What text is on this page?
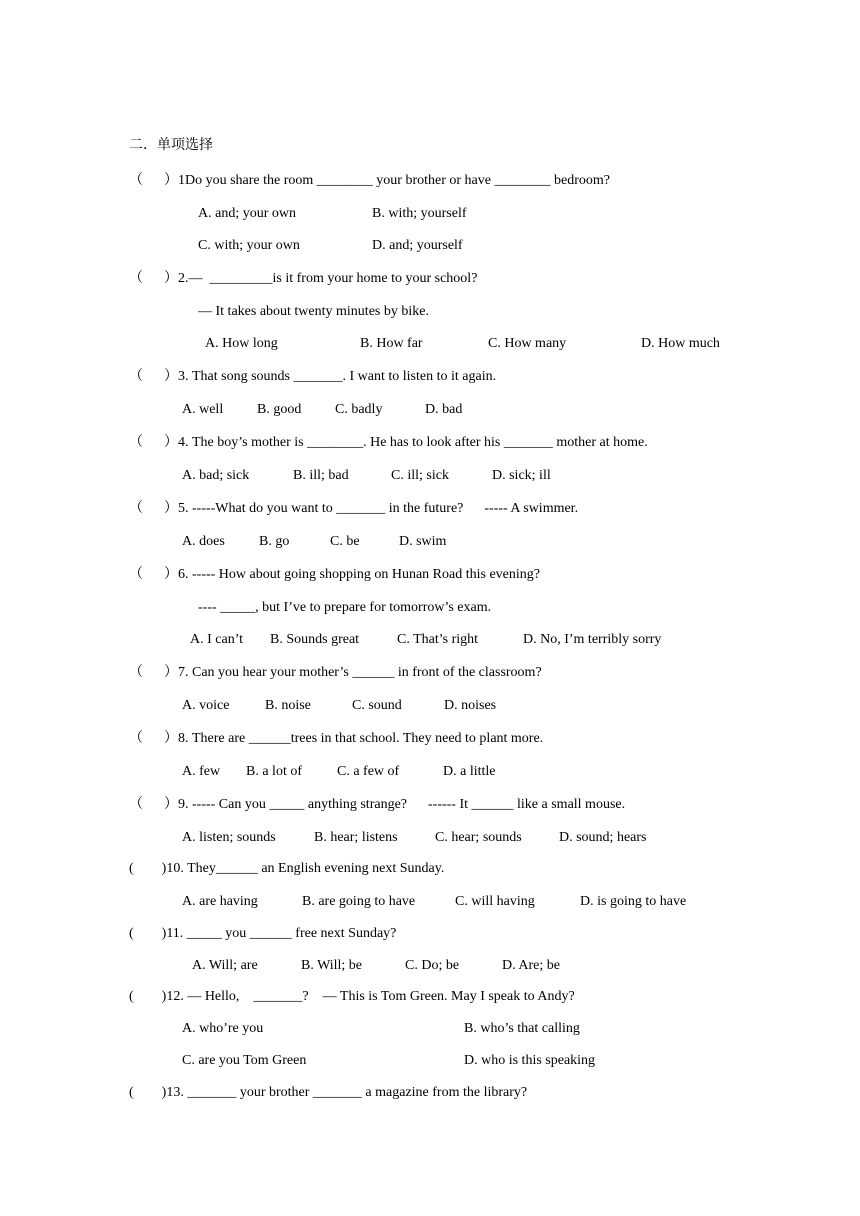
二．单项选择
（　  ）1Do you share the room ________ your brother or have ________ bedroom?
A. and; your own	B. with; yourself
C. with; your own	D. and; yourself
（　  ）2.—  _________is it from your home to your school?
— It takes about twenty minutes by bike.
A. How long	B. How far	C. How many	D. How much
（　  ）3. That song sounds _______. I want to listen to it again.
A. well B. good C. badly	D. bad
（　  ）4. The boy’s mother is ________. He has to look after his _______ mother at home.
A. bad; sick	B. ill; bad	C. ill; sick	D. sick; ill
（　  ）5. -----What do you want to _______ in the future?      ----- A swimmer.
A. does B. go	C. be	D. swim
（　  ）6. ----- How about going shopping on Hunan Road this evening?
---- _____, but I’ve to prepare for tomorrow’s exam.
A. I can’t B. Sounds great	C. That’s right	D. No, I’m terribly sorry
（　  ）7. Can you hear your mother’s ______ in front of the classroom?
A. voice	B. noise	C. sound	D. noises
（　  ）8. There are ______trees in that school. They need to plant more.
A. few B. a lot of	C. a few of	D. a little
（　  ）9. ----- Can you _____ anything strange?      ------ It ______ like a small mouse.
A. listen; sounds	B. hear; listens	C. hear; sounds	D. sound; hears
(        )10. They______ an English evening next Sunday.
A. are having	B. are going to have	C. will having	D. is going to have
(        )11. _____ you ______ free next Sunday?
A. Will; are	B. Will; be	C. Do; be	D. Are; be
(        )12. — Hello,    _______?    — This is Tom Green. May I speak to Andy?
A. who’re you	B. who’s that calling
C. are you Tom Green	D. who is this speaking
(        )13. _______ your brother _______ a magazine from the library?
